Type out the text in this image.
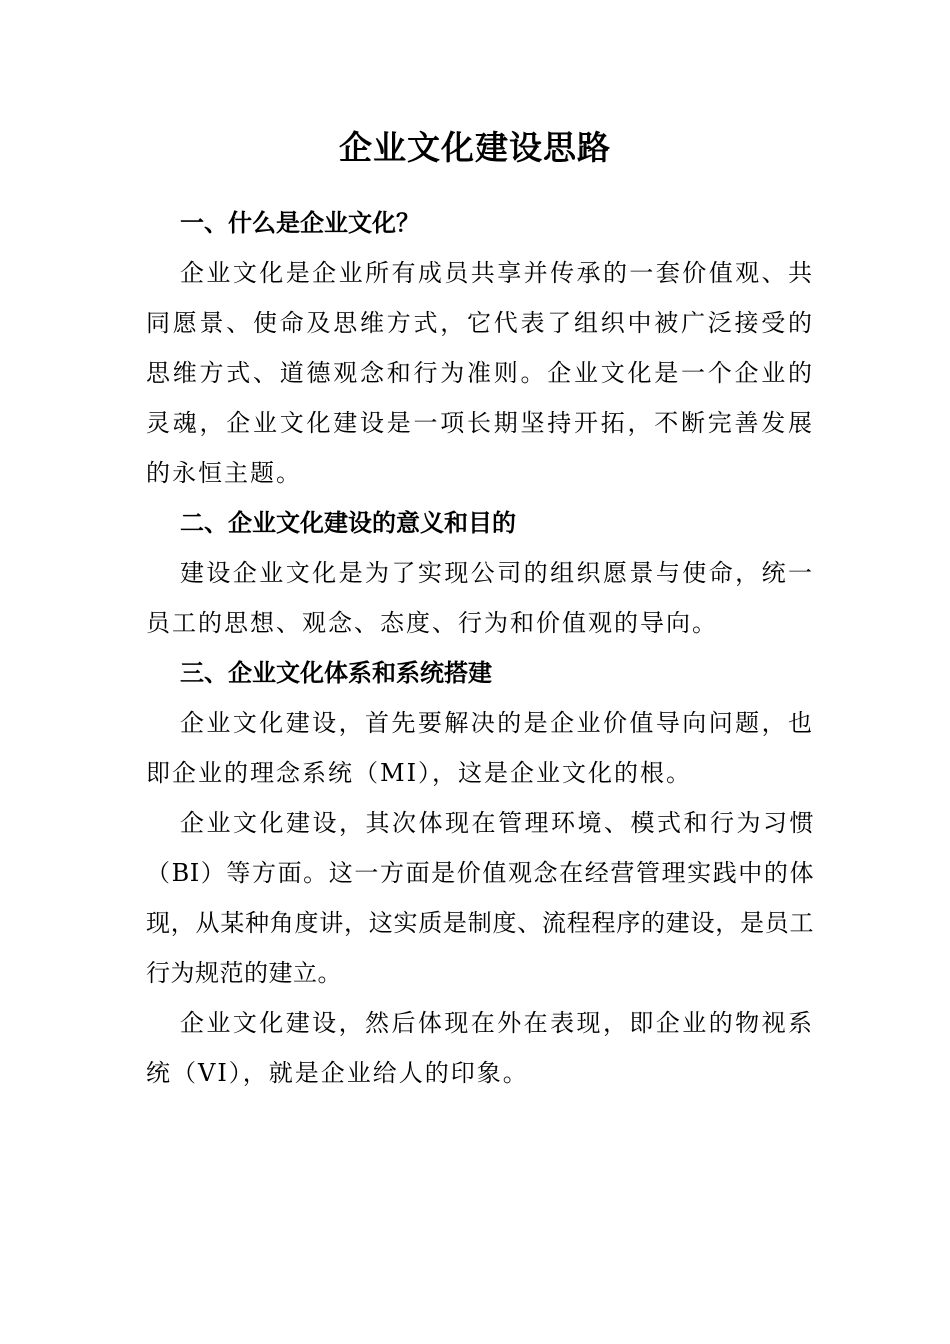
企业文化建设思路

一、什么是企业文化？

企业文化是企业所有成员共享并传承的一套价值观、共同愿景、使命及思维方式，它代表了组织中被广泛接受的思维方式、道德观念和行为准则。企业文化是一个企业的灵魂，企业文化建设是一项长期坚持开拓，不断完善发展的永恒主题。

二、企业文化建设的意义和目的

建设企业文化是为了实现公司的组织愿景与使命，统一员工的思想、观念、态度、行为和价值观的导向。

三、企业文化体系和系统搭建

企业文化建设，首先要解决的是企业价值导向问题，也即企业的理念系统（MI），这是企业文化的根。

企业文化建设，其次体现在管理环境、模式和行为习惯（BI）等方面。这一方面是价值观念在经营管理实践中的体现，从某种角度讲，这实质是制度、流程程序的建设，是员工行为规范的建立。

企业文化建设，然后体现在外在表现，即企业的物视系统（VI），就是企业给人的印象。
